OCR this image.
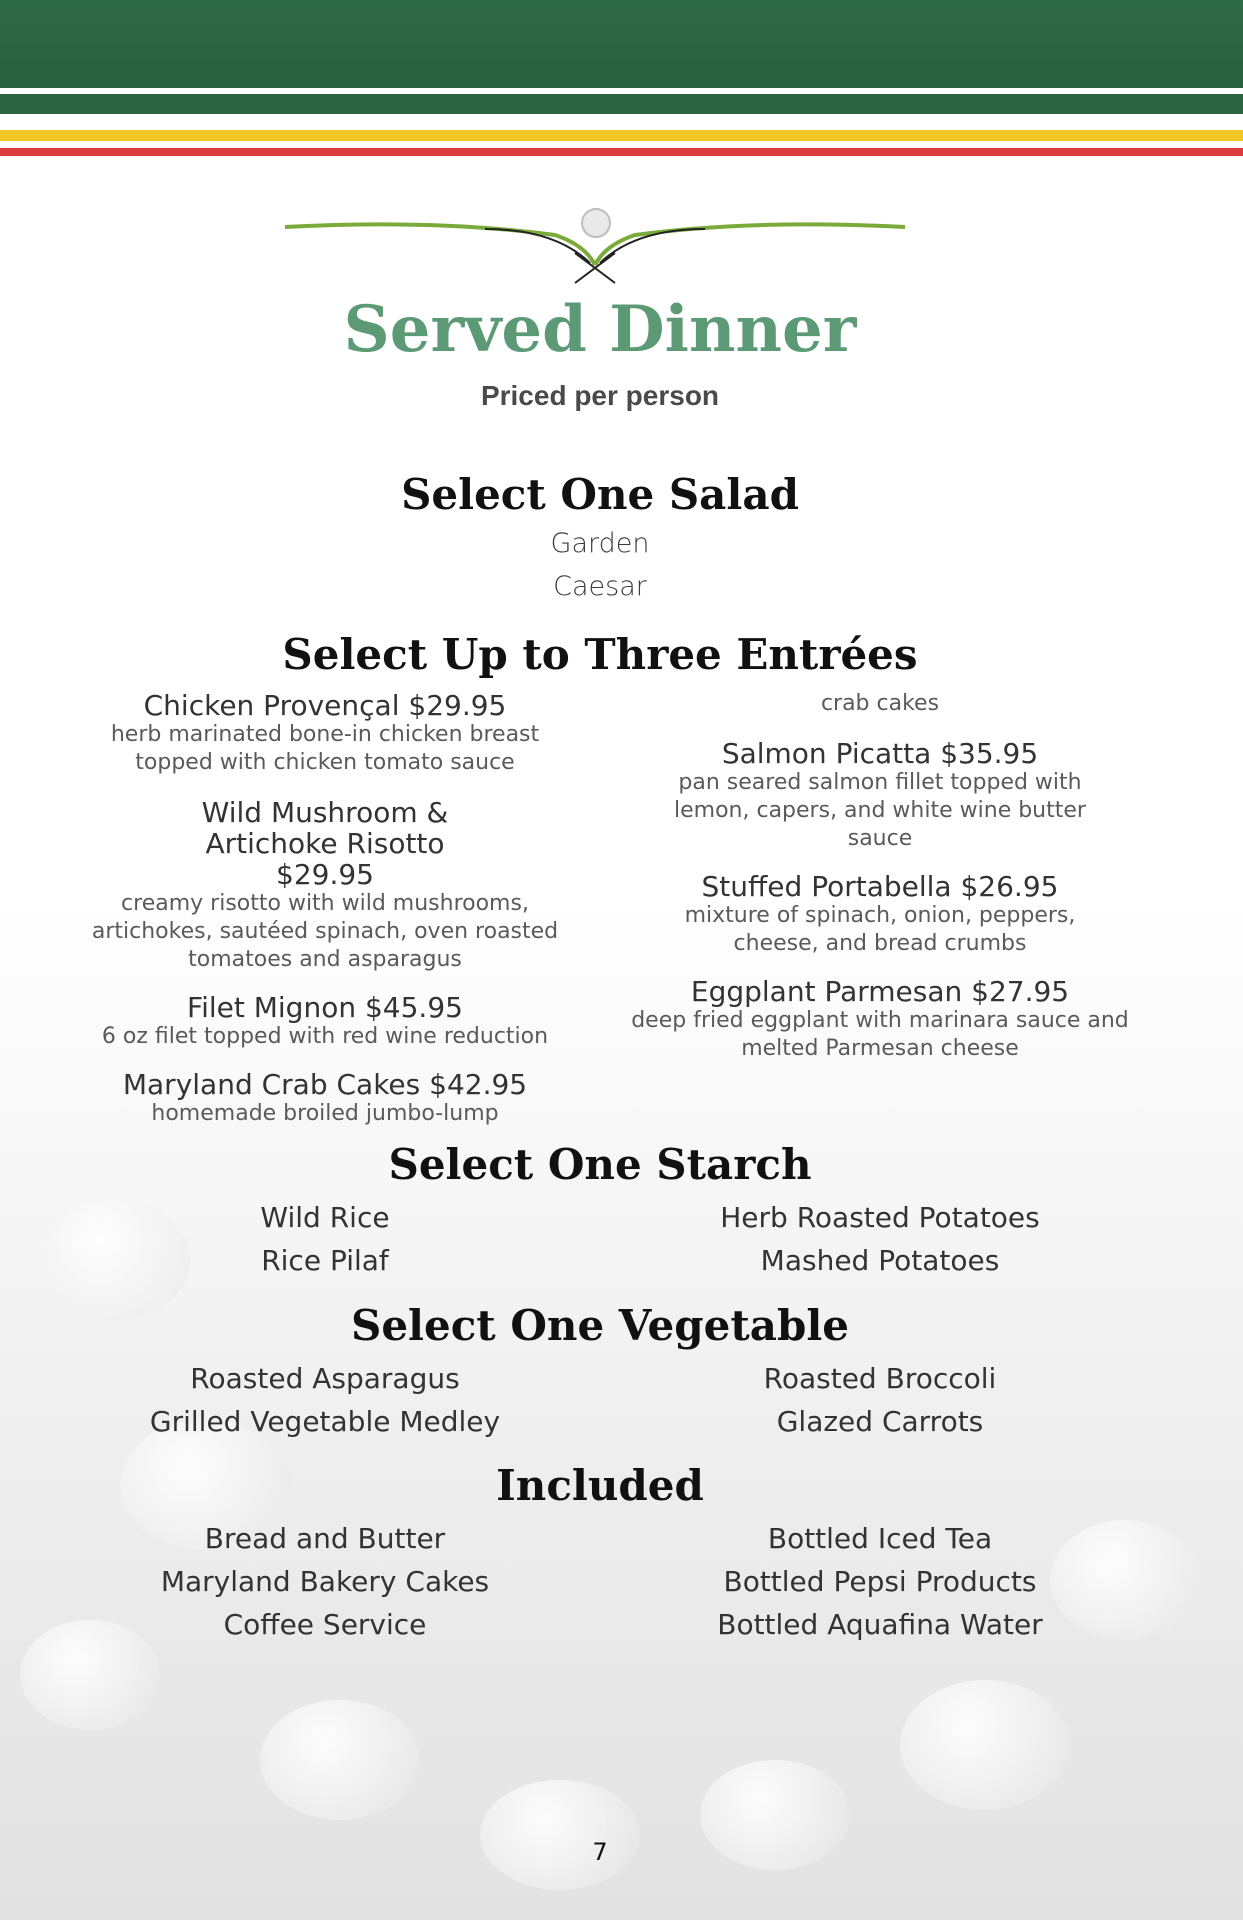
Served Dinner
Priced per person
Select One Salad
Garden
Caesar
Select Up to Three Entrées
Chicken Provençal $29.95
herb marinated bone-in chicken breast topped with chicken tomato sauce
Wild Mushroom & Artichoke Risotto $29.95
creamy risotto with wild mushrooms, artichokes, sautéed spinach, oven roasted tomatoes and asparagus
Filet Mignon $45.95
6 oz filet topped with red wine reduction
Maryland Crab Cakes $42.95
homemade broiled jumbo-lump
crab cakes
Salmon Picatta $35.95
pan seared salmon fillet topped with lemon, capers, and white wine butter sauce
Stuffed Portabella $26.95
mixture of spinach, onion, peppers, cheese, and bread crumbs
Eggplant Parmesan $27.95
deep fried eggplant with marinara sauce and melted Parmesan cheese
Select One Starch
Wild Rice
Rice Pilaf
Herb Roasted Potatoes
Mashed Potatoes
Select One Vegetable
Roasted Asparagus
Grilled Vegetable Medley
Roasted Broccoli
Glazed Carrots
Included
Bread and Butter
Maryland Bakery Cakes
Coffee Service
Bottled Iced Tea
Bottled Pepsi Products
Bottled Aquafina Water
7
